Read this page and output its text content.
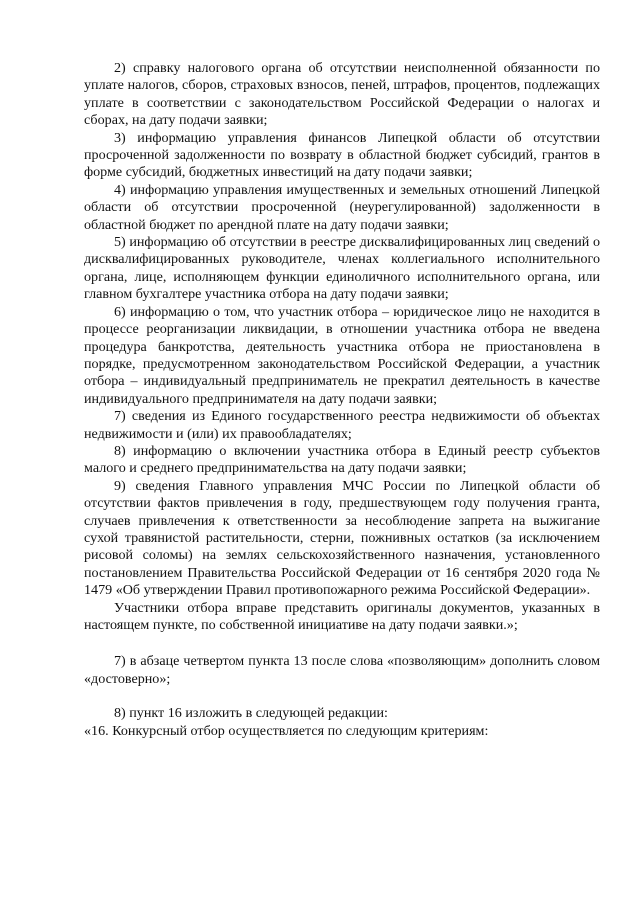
2) справку налогового органа об отсутствии неисполненной обязанности по уплате налогов, сборов, страховых взносов, пеней, штрафов, процентов, подлежащих уплате в соответствии с законодательством Российской Федерации о налогах и сборах, на дату подачи заявки;

3) информацию управления финансов Липецкой области об отсутствии просроченной задолженности по возврату в областной бюджет субсидий, грантов в форме субсидий, бюджетных инвестиций на дату подачи заявки;

4) информацию управления имущественных и земельных отношений Липецкой области об отсутствии просроченной (неурегулированной) задолженности в областной бюджет по арендной плате на дату подачи заявки;

5) информацию об отсутствии в реестре дисквалифицированных лиц сведений о дисквалифицированных руководителе, членах коллегиального исполнительного органа, лице, исполняющем функции единоличного исполнительного органа, или главном бухгалтере участника отбора на дату подачи заявки;

6) информацию о том, что участник отбора – юридическое лицо не находится в процессе реорганизации ликвидации, в отношении участника отбора не введена процедура банкротства, деятельность участника отбора не приостановлена в порядке, предусмотренном законодательством Российской Федерации, а участник отбора – индивидуальный предприниматель не прекратил деятельность в качестве индивидуального предпринимателя на дату подачи заявки;

7) сведения из Единого государственного реестра недвижимости об объектах недвижимости и (или) их правообладателях;

8) информацию о включении участника отбора в Единый реестр субъектов малого и среднего предпринимательства на дату подачи заявки;

9) сведения Главного управления МЧС России по Липецкой области об отсутствии фактов привлечения в году, предшествующем году получения гранта, случаев привлечения к ответственности за несоблюдение запрета на выжигание сухой травянистой растительности, стерни, пожнивных остатков (за исключением рисовой соломы) на землях сельскохозяйственного назначения, установленного постановлением Правительства Российской Федерации от 16 сентября 2020 года № 1479 «Об утверждении Правил противопожарного режима Российской Федерации».

Участники отбора вправе представить оригиналы документов, указанных в настоящем пункте, по собственной инициативе на дату подачи заявки.»;

7) в абзаце четвертом пункта 13 после слова «позволяющим» дополнить словом «достоверно»;

8) пункт 16 изложить в следующей редакции:

«16. Конкурсный отбор осуществляется по следующим критериям:
